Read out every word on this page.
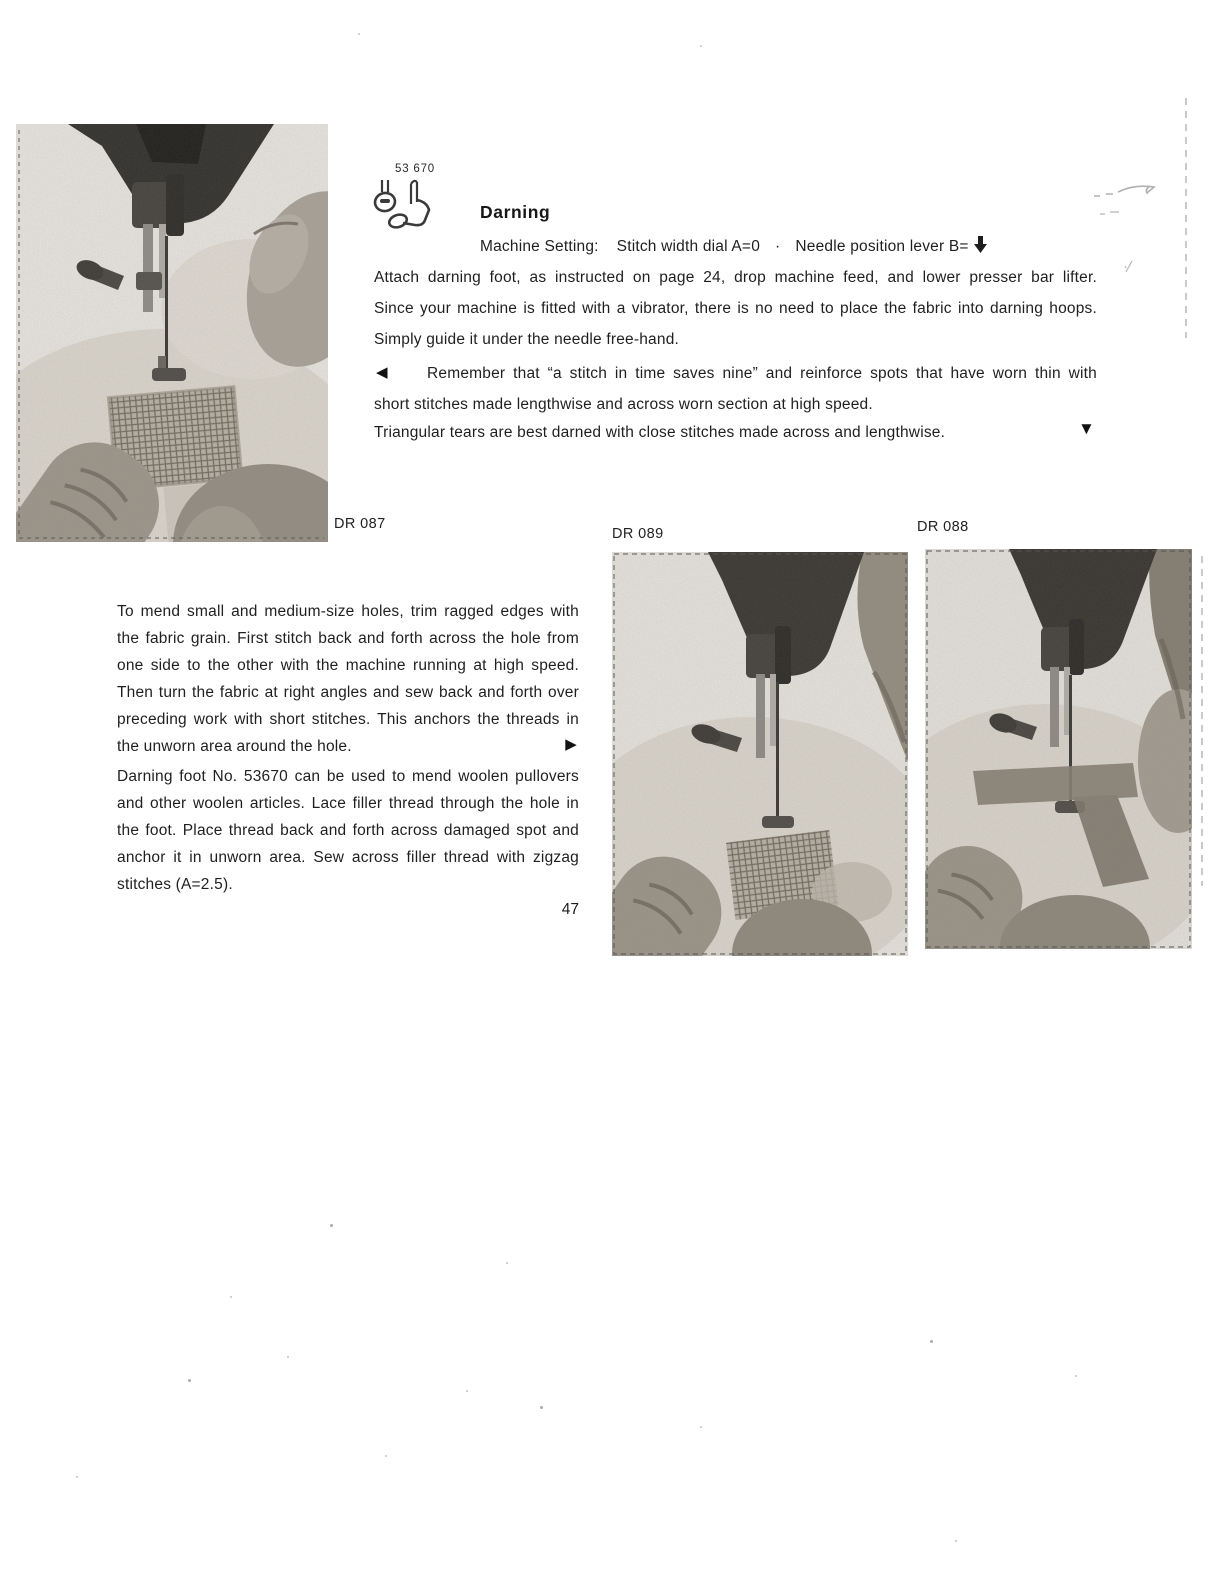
DR 087
53 670
Darning
Machine Setting: Stitch width dial A=0 · Needle position lever B=
Attach darning foot, as instructed on page 24, drop machine feed, and lower presser bar lifter.
Since your machine is fitted with a vibrator, there is no need to place the fabric into darning hoops.
Simply guide it under the needle free-hand.
◀	Remember that “a stitch in time saves nine” and reinforce spots that have worn thin with
short stitches made lengthwise and across worn section at high speed.
Triangular tears are best darned with close stitches made across and lengthwise.	▼
To mend small and medium-size holes, trim ragged edges with
the fabric grain. First stitch back and forth across the hole from
one side to the other with the machine running at high speed.
Then turn the fabric at right angles and sew back and forth over
preceding work with short stitches. This anchors the threads in
the unworn area around the hole.	▶
Darning foot No. 53670 can be used to mend woolen pullovers
and other woolen articles. Lace filler thread through the hole in
the foot. Place thread back and forth across damaged spot and
anchor it in unworn area. Sew across filler thread with zigzag
stitches (A=2.5).
47
DR 089	DR 088
